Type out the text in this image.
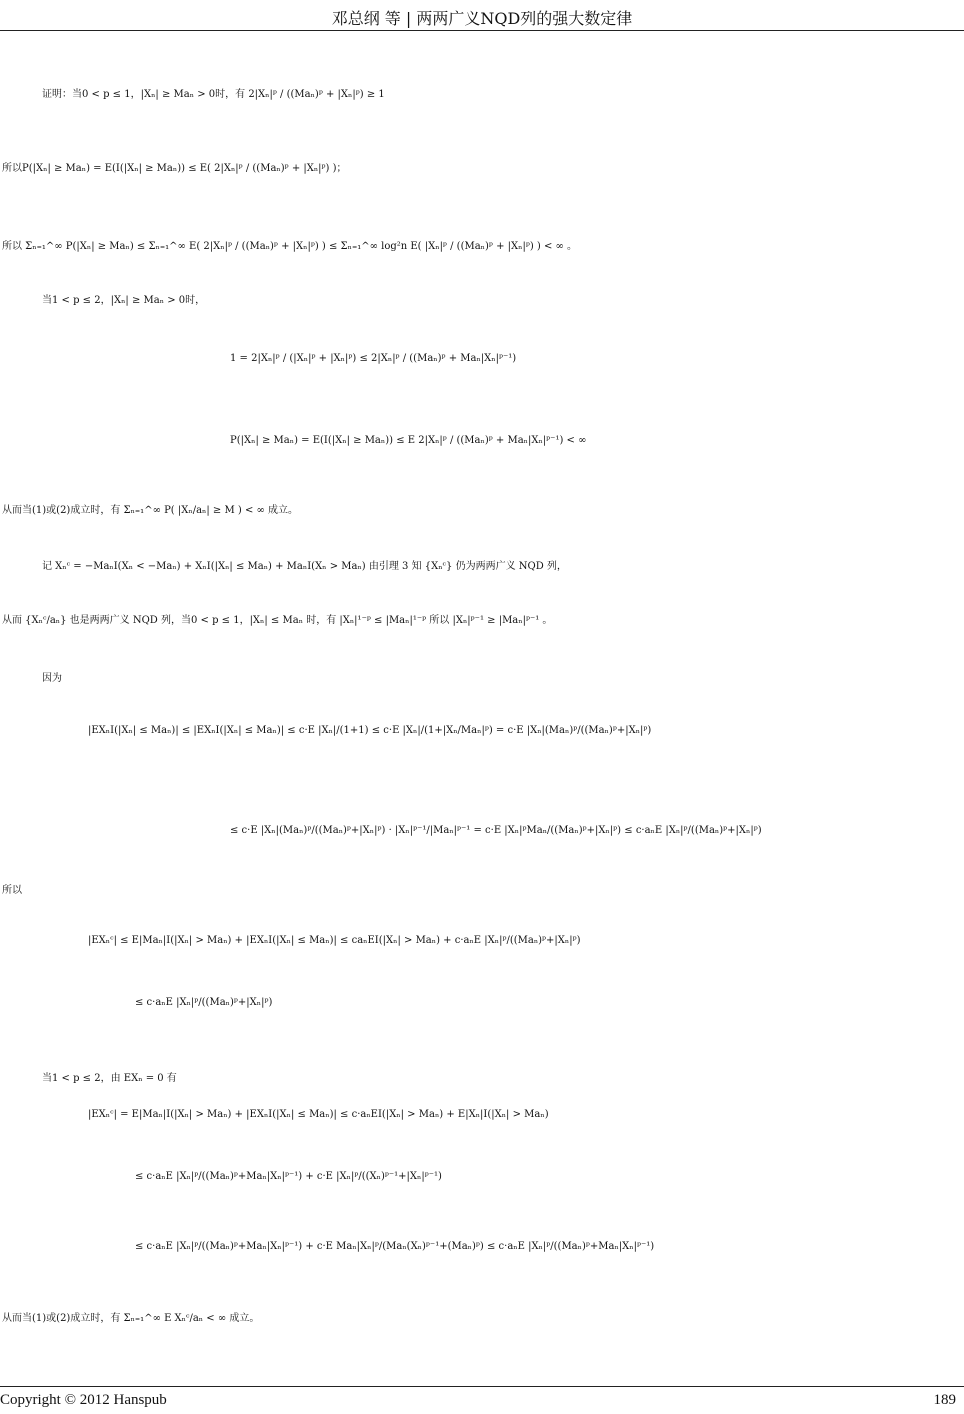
邓总纲 等 | 两两广义NQD列的强大数定律
证明：当0 < p ≤ 1，|Xₙ| ≥ Maₙ > 0时，有 2|Xₙ|ᵖ / ((Maₙ)ᵖ + |Xₙ|ᵖ) ≥ 1
所以P(|Xₙ| ≥ Maₙ) = E(I(|Xₙ| ≥ Maₙ)) ≤ E( 2|Xₙ|ᵖ / ((Maₙ)ᵖ + |Xₙ|ᵖ) )；
所以 Σₙ₌₁^∞ P(|Xₙ| ≥ Maₙ) ≤ Σₙ₌₁^∞ E( 2|Xₙ|ᵖ / ((Maₙ)ᵖ + |Xₙ|ᵖ) ) ≤ Σₙ₌₁^∞ log²n E( |Xₙ|ᵖ / ((Maₙ)ᵖ + |Xₙ|ᵖ) ) < ∞ 。
当1 < p ≤ 2，|Xₙ| ≥ Maₙ > 0时，
1 = 2|Xₙ|ᵖ / (|Xₙ|ᵖ + |Xₙ|ᵖ) ≤ 2|Xₙ|ᵖ / ((Maₙ)ᵖ + Maₙ|Xₙ|ᵖ⁻¹)
P(|Xₙ| ≥ Maₙ) = E(I(|Xₙ| ≥ Maₙ)) ≤ E 2|Xₙ|ᵖ / ((Maₙ)ᵖ + Maₙ|Xₙ|ᵖ⁻¹) < ∞
从而当(1)或(2)成立时，有 Σₙ₌₁^∞ P( |Xₙ/aₙ| ≥ M ) < ∞ 成立。
记 Xₙᶜ = −MaₙI(Xₙ < −Maₙ) + XₙI(|Xₙ| ≤ Maₙ) + MaₙI(Xₙ > Maₙ) 由引理 3 知 {Xₙᶜ} 仍为两两广义 NQD 列，
从而 {Xₙᶜ/aₙ} 也是两两广义 NQD 列，当0 < p ≤ 1，|Xₙ| ≤ Maₙ 时，有 |Xₙ|¹⁻ᵖ ≤ |Maₙ|¹⁻ᵖ 所以 |Xₙ|ᵖ⁻¹ ≥ |Maₙ|ᵖ⁻¹ 。
因为
|EXₙI(|Xₙ| ≤ Maₙ)| ≤ |EXₙI(|Xₙ| ≤ Maₙ)| ≤ c·E |Xₙ|/(1+1) ≤ c·E |Xₙ|/(1+|Xₙ/Maₙ|ᵖ) = c·E |Xₙ|(Maₙ)ᵖ/((Maₙ)ᵖ+|Xₙ|ᵖ)
≤ c·E |Xₙ|(Maₙ)ᵖ/((Maₙ)ᵖ+|Xₙ|ᵖ) · |Xₙ|ᵖ⁻¹/|Maₙ|ᵖ⁻¹ = c·E |Xₙ|ᵖMaₙ/((Maₙ)ᵖ+|Xₙ|ᵖ) ≤ c·aₙE |Xₙ|ᵖ/((Maₙ)ᵖ+|Xₙ|ᵖ)
所以
|EXₙᶜ| ≤ E|Maₙ|I(|Xₙ| > Maₙ) + |EXₙI(|Xₙ| ≤ Maₙ)| ≤ caₙEI(|Xₙ| > Maₙ) + c·aₙE |Xₙ|ᵖ/((Maₙ)ᵖ+|Xₙ|ᵖ)
≤ c·aₙE |Xₙ|ᵖ/((Maₙ)ᵖ+|Xₙ|ᵖ)
当1 < p ≤ 2，由 EXₙ = 0 有
|EXₙᶜ| = E|Maₙ|I(|Xₙ| > Maₙ) + |EXₙI(|Xₙ| ≤ Maₙ)| ≤ c·aₙEI(|Xₙ| > Maₙ) + E|Xₙ|I(|Xₙ| > Maₙ)
≤ c·aₙE |Xₙ|ᵖ/((Maₙ)ᵖ+Maₙ|Xₙ|ᵖ⁻¹) + c·E |Xₙ|ᵖ/((Xₙ)ᵖ⁻¹+|Xₙ|ᵖ⁻¹)
≤ c·aₙE |Xₙ|ᵖ/((Maₙ)ᵖ+Maₙ|Xₙ|ᵖ⁻¹) + c·E Maₙ|Xₙ|ᵖ/(Maₙ(Xₙ)ᵖ⁻¹+(Maₙ)ᵖ) ≤ c·aₙE |Xₙ|ᵖ/((Maₙ)ᵖ+Maₙ|Xₙ|ᵖ⁻¹)
从而当(1)或(2)成立时，有 Σₙ₌₁^∞ E Xₙᶜ/aₙ < ∞ 成立。
Copyright © 2012 Hanspub	189
